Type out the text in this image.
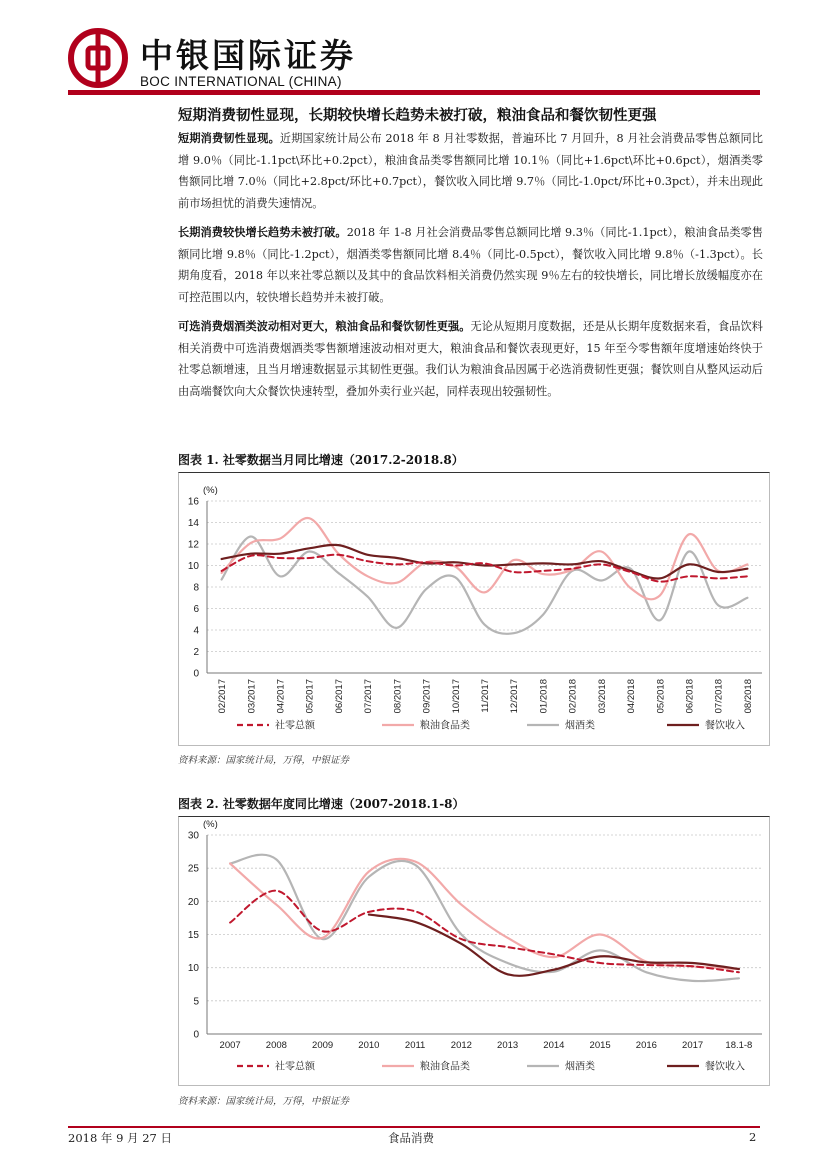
中银国际证券
BOC INTERNATIONAL (CHINA)
短期消费韧性显现，长期较快增长趋势未被打破，粮油食品和餐饮韧性更强
短期消费韧性显现。近期国家统计局公布 2018 年 8 月社零数据，普遍环比 7 月回升，8 月社会消费品零售总额同比增 9.0％（同比-1.1pct\环比+0.2pct），粮油食品类零售额同比增 10.1％（同比+1.6pct\环比+0.6pct），烟酒类零售额同比增 7.0％（同比+2.8pct/环比+0.7pct），餐饮收入同比增 9.7％（同比-1.0pct/环比+0.3pct），并未出现此前市场担忧的消费失速情况。
长期消费较快增长趋势未被打破。2018 年 1-8 月社会消费品零售总额同比增 9.3％（同比-1.1pct），粮油食品类零售额同比增 9.8％（同比-1.2pct），烟酒类零售额同比增 8.4％（同比-0.5pct），餐饮收入同比增 9.8％（-1.3pct）。长期角度看，2018 年以来社零总额以及其中的食品饮料相关消费仍然实现 9％左右的较快增长，同比增长放缓幅度亦在可控范围以内，较快增长趋势并未被打破。
可选消费烟酒类波动相对更大，粮油食品和餐饮韧性更强。无论从短期月度数据，还是从长期年度数据来看，食品饮料相关消费中可选消费烟酒类零售额增速波动相对更大，粮油食品和餐饮表现更好，15 年至今零售额年度增速始终快于社零总额增速，且当月增速数据显示其韧性更强。我们认为粮油食品因属于必选消费韧性更强；餐饮则自从整风运动后由高端餐饮向大众餐饮快速转型，叠加外卖行业兴起，同样表现出较强韧性。
图表 1. 社零数据当月同比增速（2017.2-2018.8）
0
2
4
6
8
10
12
14
16
(%)
02/2017 03/2017 04/2017 05/2017 06/2017 07/2017 08/2017 09/2017 10/2017 11/2017 12/2017 01/2018 02/2018 03/2018 04/2018 05/2018 06/2018 07/2018 08/2018
社零总额	粮油食品类	烟酒类	餐饮收入
资料来源：国家统计局，万得，中银证券
图表 2. 社零数据年度同比增速（2007-2018.1-8）
0
5
10
15
20
25
30
(%)
2007	2008	2009	2010	2011	2012	2013	2014	2015	2016	2017 18.1-8
社零总额	粮油食品类	烟酒类	餐饮收入
资料来源：国家统计局，万得，中银证券
2018 年 9 月 27 日	食品消费	2
